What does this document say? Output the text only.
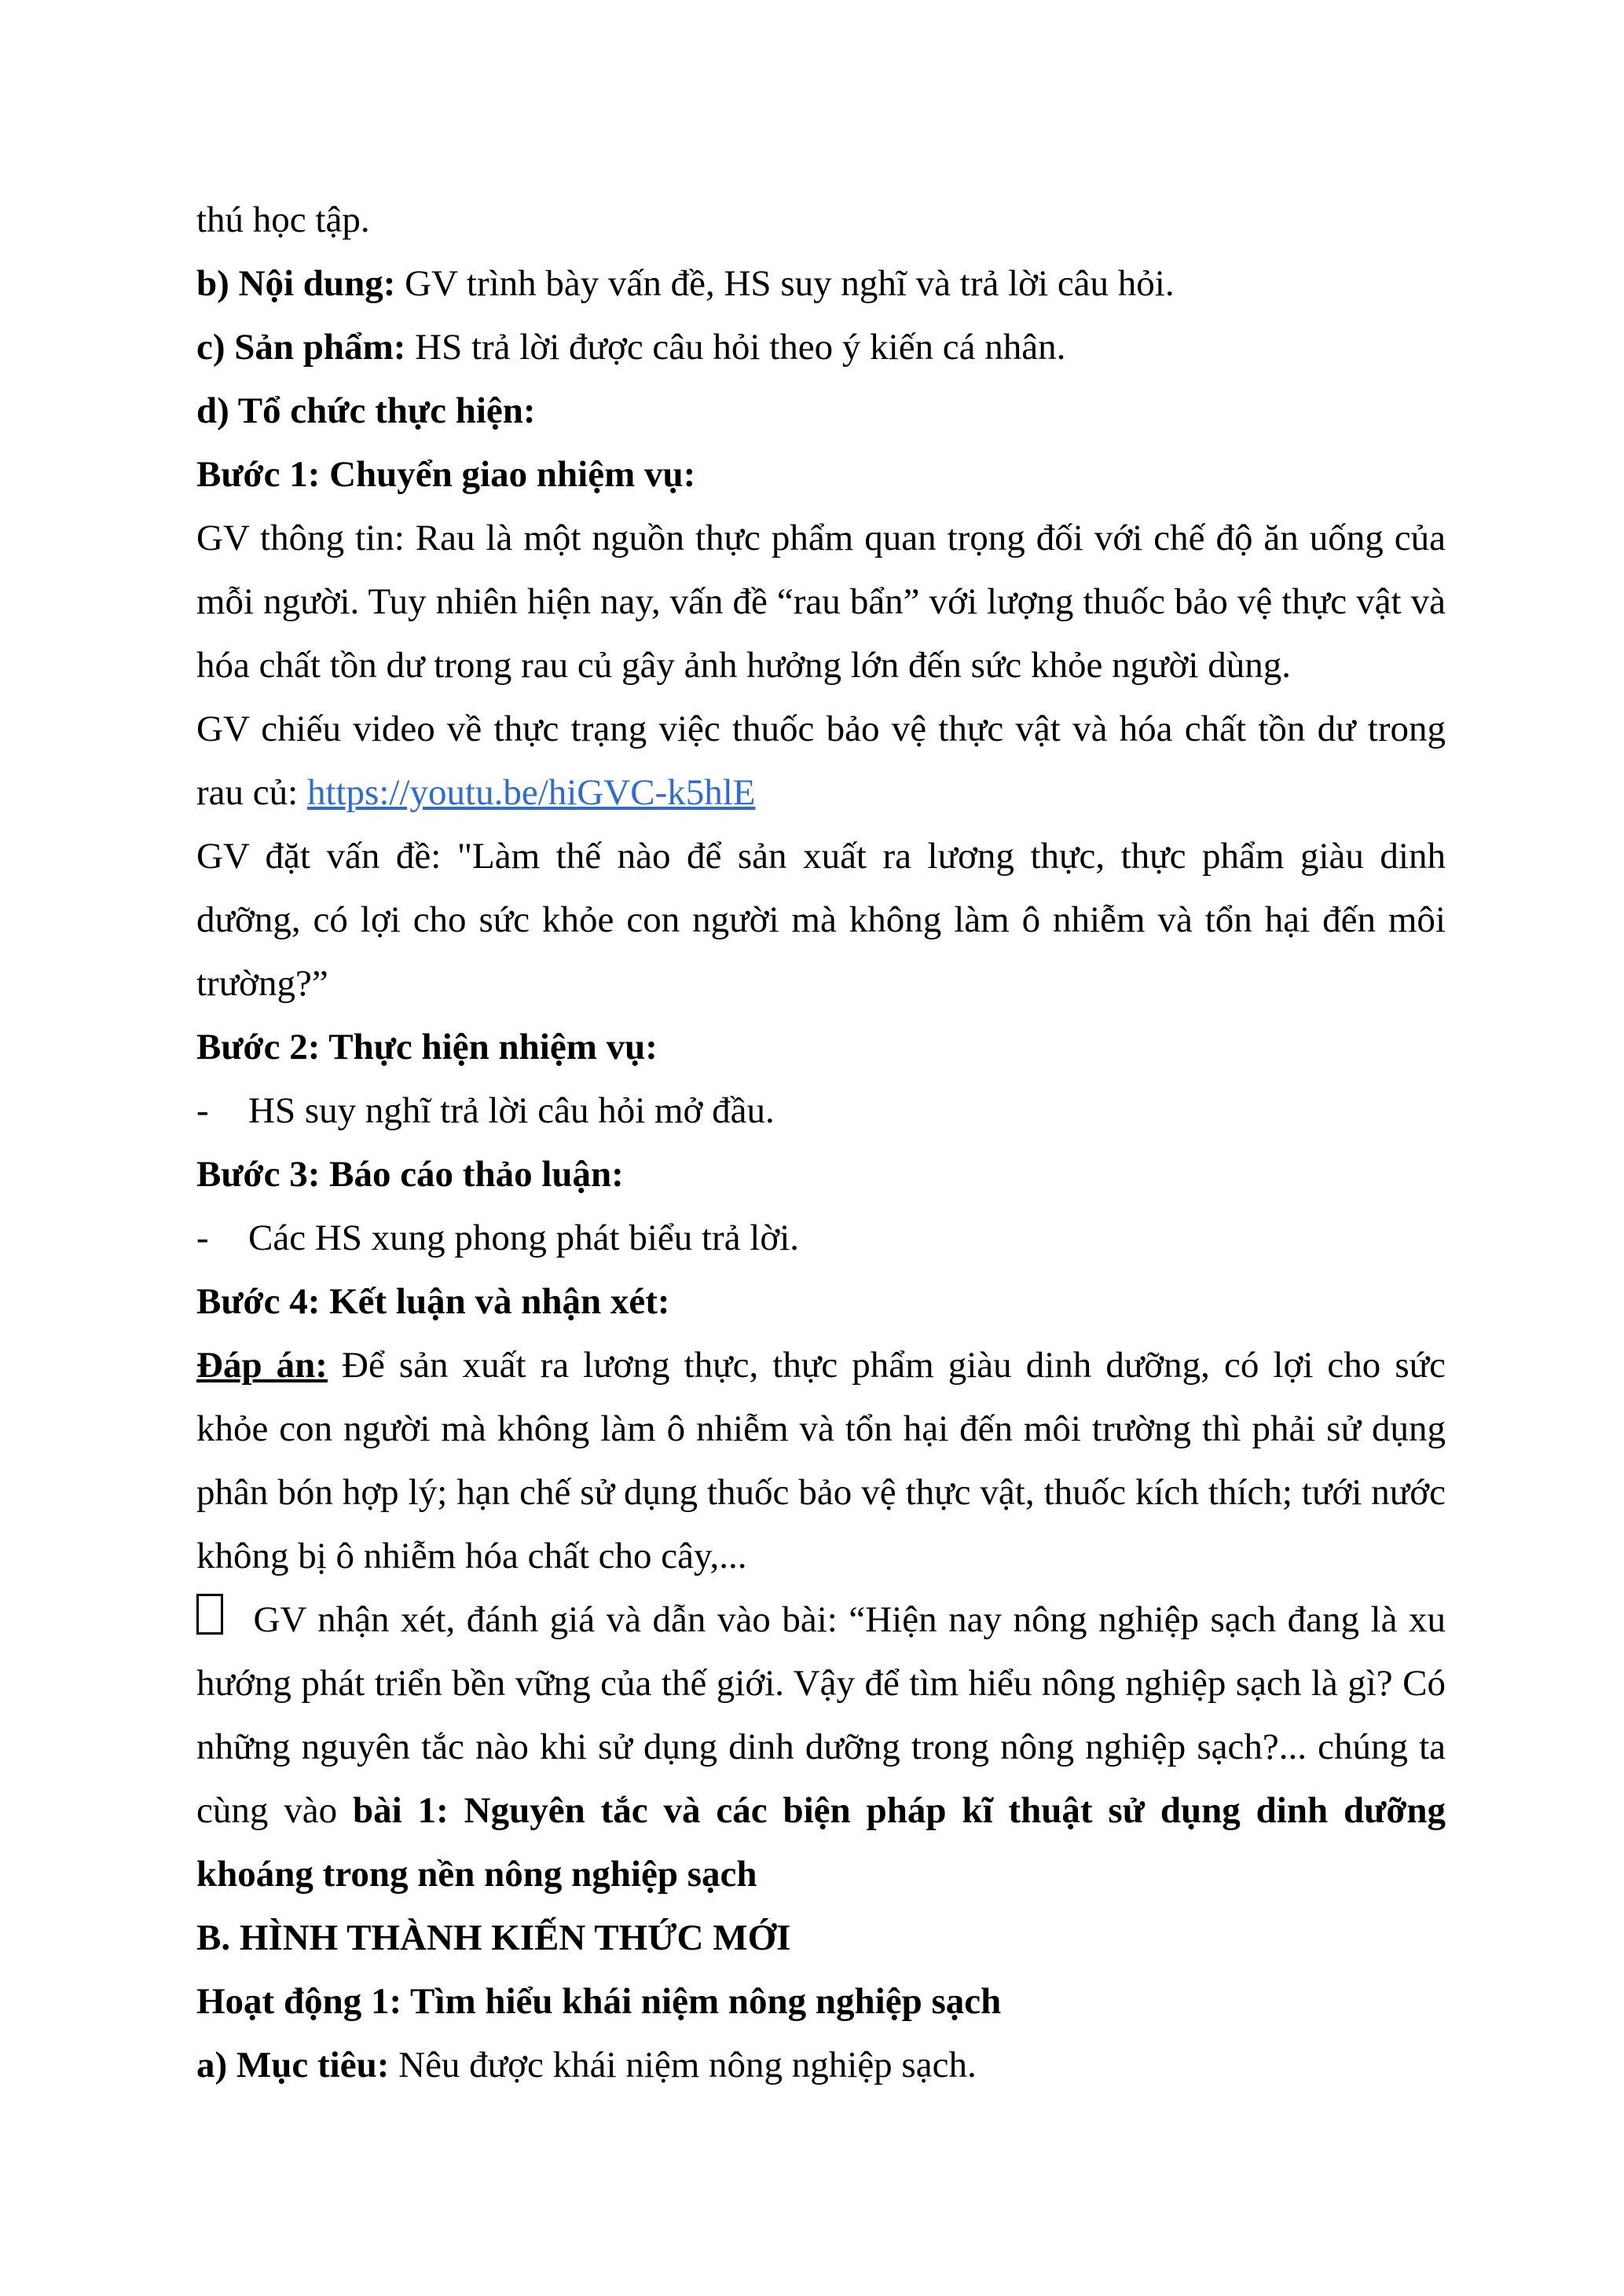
thú học tập.

b) Nội dung: GV trình bày vấn đề, HS suy nghĩ và trả lời câu hỏi.

c) Sản phẩm: HS trả lời được câu hỏi theo ý kiến cá nhân.

d) Tổ chức thực hiện:

Bước 1: Chuyển giao nhiệm vụ:

GV thông tin: Rau là một nguồn thực phẩm quan trọng đối với chế độ ăn uống của mỗi người. Tuy nhiên hiện nay, vấn đề “rau bẩn” với lượng thuốc bảo vệ thực vật và hóa chất tồn dư trong rau củ gây ảnh hưởng lớn đến sức khỏe người dùng.

GV chiếu video về thực trạng việc thuốc bảo vệ thực vật và hóa chất tồn dư trong rau củ: https://youtu.be/hiGVC-k5hlE

GV đặt vấn đề: "Làm thế nào để sản xuất ra lương thực, thực phẩm giàu dinh dưỡng, có lợi cho sức khỏe con người mà không làm ô nhiễm và tổn hại đến môi trường?”

Bước 2: Thực hiện nhiệm vụ:

- HS suy nghĩ trả lời câu hỏi mở đầu.

Bước 3: Báo cáo thảo luận:

- Các HS xung phong phát biểu trả lời.

Bước 4: Kết luận và nhận xét:

Đáp án: Để sản xuất ra lương thực, thực phẩm giàu dinh dưỡng, có lợi cho sức khỏe con người mà không làm ô nhiễm và tổn hại đến môi trường thì phải sử dụng phân bón hợp lý; hạn chế sử dụng thuốc bảo vệ thực vật, thuốc kích thích; tưới nước không bị ô nhiễm hóa chất cho cây,...

GV nhận xét, đánh giá và dẫn vào bài: “Hiện nay nông nghiệp sạch đang là xu hướng phát triển bền vững của thế giới. Vậy để tìm hiểu nông nghiệp sạch là gì? Có những nguyên tắc nào khi sử dụng dinh dưỡng trong nông nghiệp sạch?... chúng ta cùng vào bài 1: Nguyên tắc và các biện pháp kĩ thuật sử dụng dinh dưỡng khoáng trong nền nông nghiệp sạch

B. HÌNH THÀNH KIẾN THỨC MỚI

Hoạt động 1: Tìm hiểu khái niệm nông nghiệp sạch

a) Mục tiêu: Nêu được khái niệm nông nghiệp sạch.
